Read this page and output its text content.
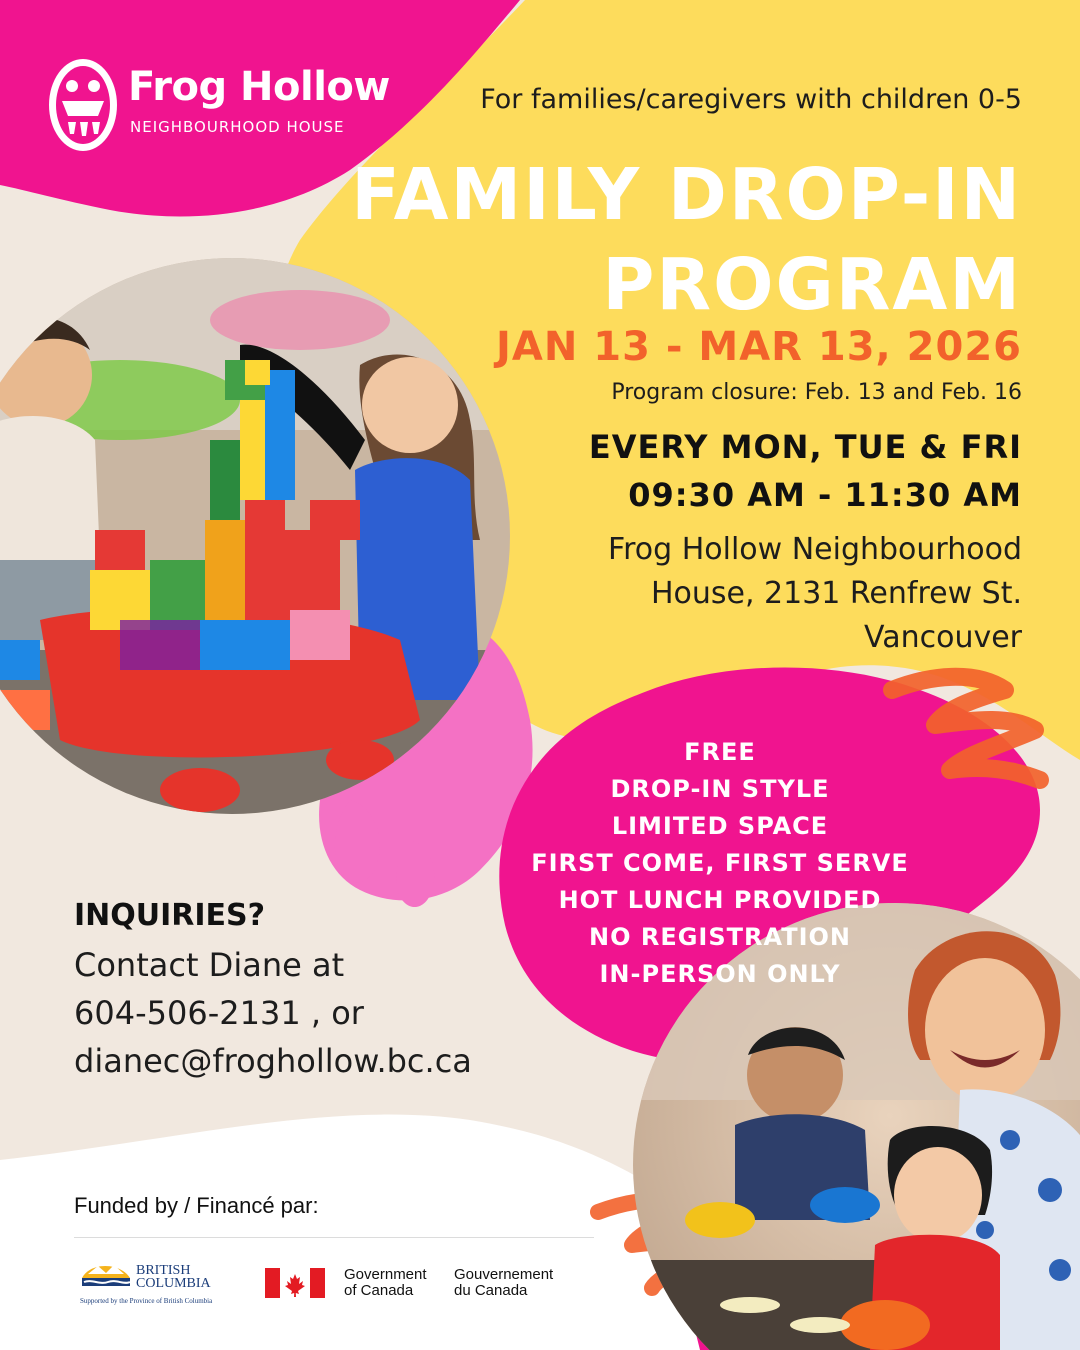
Frog Hollow
NEIGHBOURHOOD HOUSE
For families/caregivers with children 0-5
FAMILY DROP-IN
PROGRAM
JAN 13 - MAR 13, 2026
Program closure: Feb. 13 and Feb. 16
EVERY MON, TUE & FRI
09:30 AM - 11:30 AM
Frog Hollow Neighbourhood
House, 2131 Renfrew St.
Vancouver
FREE
DROP-IN STYLE
LIMITED SPACE
FIRST COME, FIRST SERVE
HOT LUNCH PROVIDED
NO REGISTRATION
IN-PERSON ONLY
INQUIRIES?
Contact Diane at
604-506-2131 , or
dianec@froghollow.bc.ca
Funded by / Financé par:
BRITISH
COLUMBIA
Supported by the Province of British Columbia
Government
of Canada
Gouvernement
du Canada
